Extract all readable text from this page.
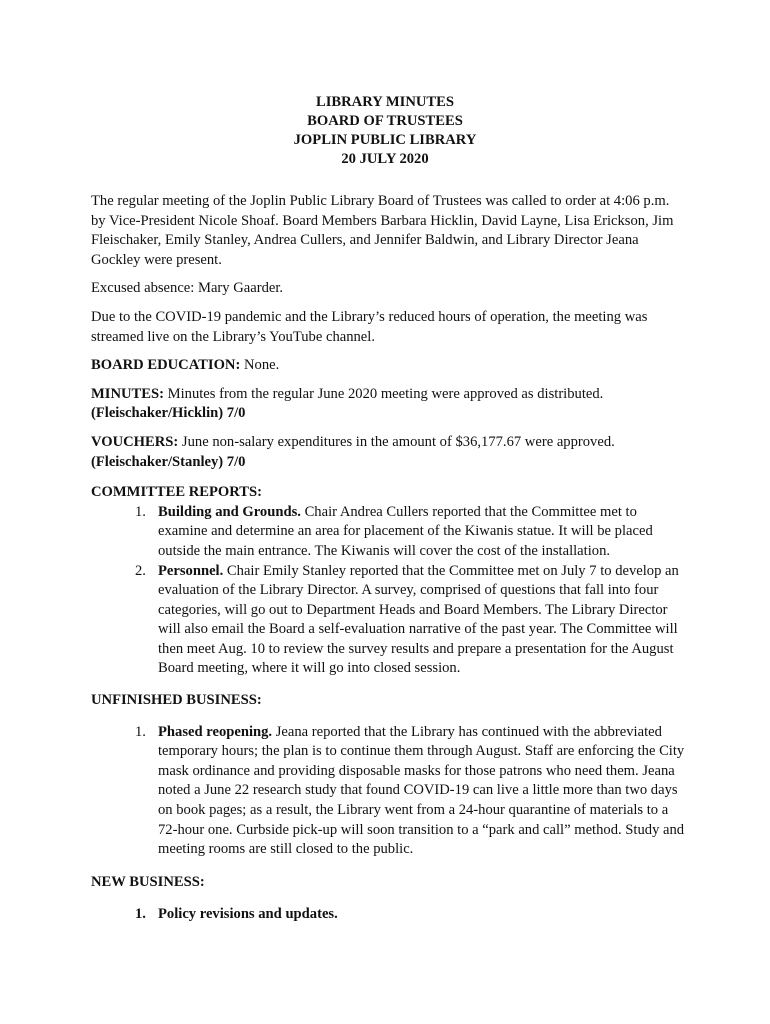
LIBRARY MINUTES
BOARD OF TRUSTEES
JOPLIN PUBLIC LIBRARY
20 JULY 2020

The regular meeting of the Joplin Public Library Board of Trustees was called to order at 4:06 p.m. by Vice-President Nicole Shoaf. Board Members Barbara Hicklin, David Layne, Lisa Erickson, Jim Fleischaker, Emily Stanley, Andrea Cullers, and Jennifer Baldwin, and Library Director Jeana Gockley were present.

Excused absence: Mary Gaarder.

Due to the COVID-19 pandemic and the Library’s reduced hours of operation, the meeting was streamed live on the Library’s YouTube channel.

BOARD EDUCATION: None.

MINUTES: Minutes from the regular June 2020 meeting were approved as distributed.
(Fleischaker/Hicklin) 7/0

VOUCHERS: June non-salary expenditures in the amount of $36,177.67 were approved.
(Fleischaker/Stanley) 7/0

COMMITTEE REPORTS:
1. Building and Grounds. Chair Andrea Cullers reported that the Committee met to examine and determine an area for placement of the Kiwanis statue. It will be placed outside the main entrance. The Kiwanis will cover the cost of the installation.
2. Personnel. Chair Emily Stanley reported that the Committee met on July 7 to develop an evaluation of the Library Director. A survey, comprised of questions that fall into four categories, will go out to Department Heads and Board Members. The Library Director will also email the Board a self-evaluation narrative of the past year. The Committee will then meet Aug. 10 to review the survey results and prepare a presentation for the August Board meeting, where it will go into closed session.
UNFINISHED BUSINESS:
1. Phased reopening. Jeana reported that the Library has continued with the abbreviated temporary hours; the plan is to continue them through August. Staff are enforcing the City mask ordinance and providing disposable masks for those patrons who need them. Jeana noted a June 22 research study that found COVID-19 can live a little more than two days on book pages; as a result, the Library went from a 24-hour quarantine of materials to a 72-hour one. Curbside pick-up will soon transition to a “park and call” method. Study and meeting rooms are still closed to the public.
NEW BUSINESS:
1. Policy revisions and updates.
